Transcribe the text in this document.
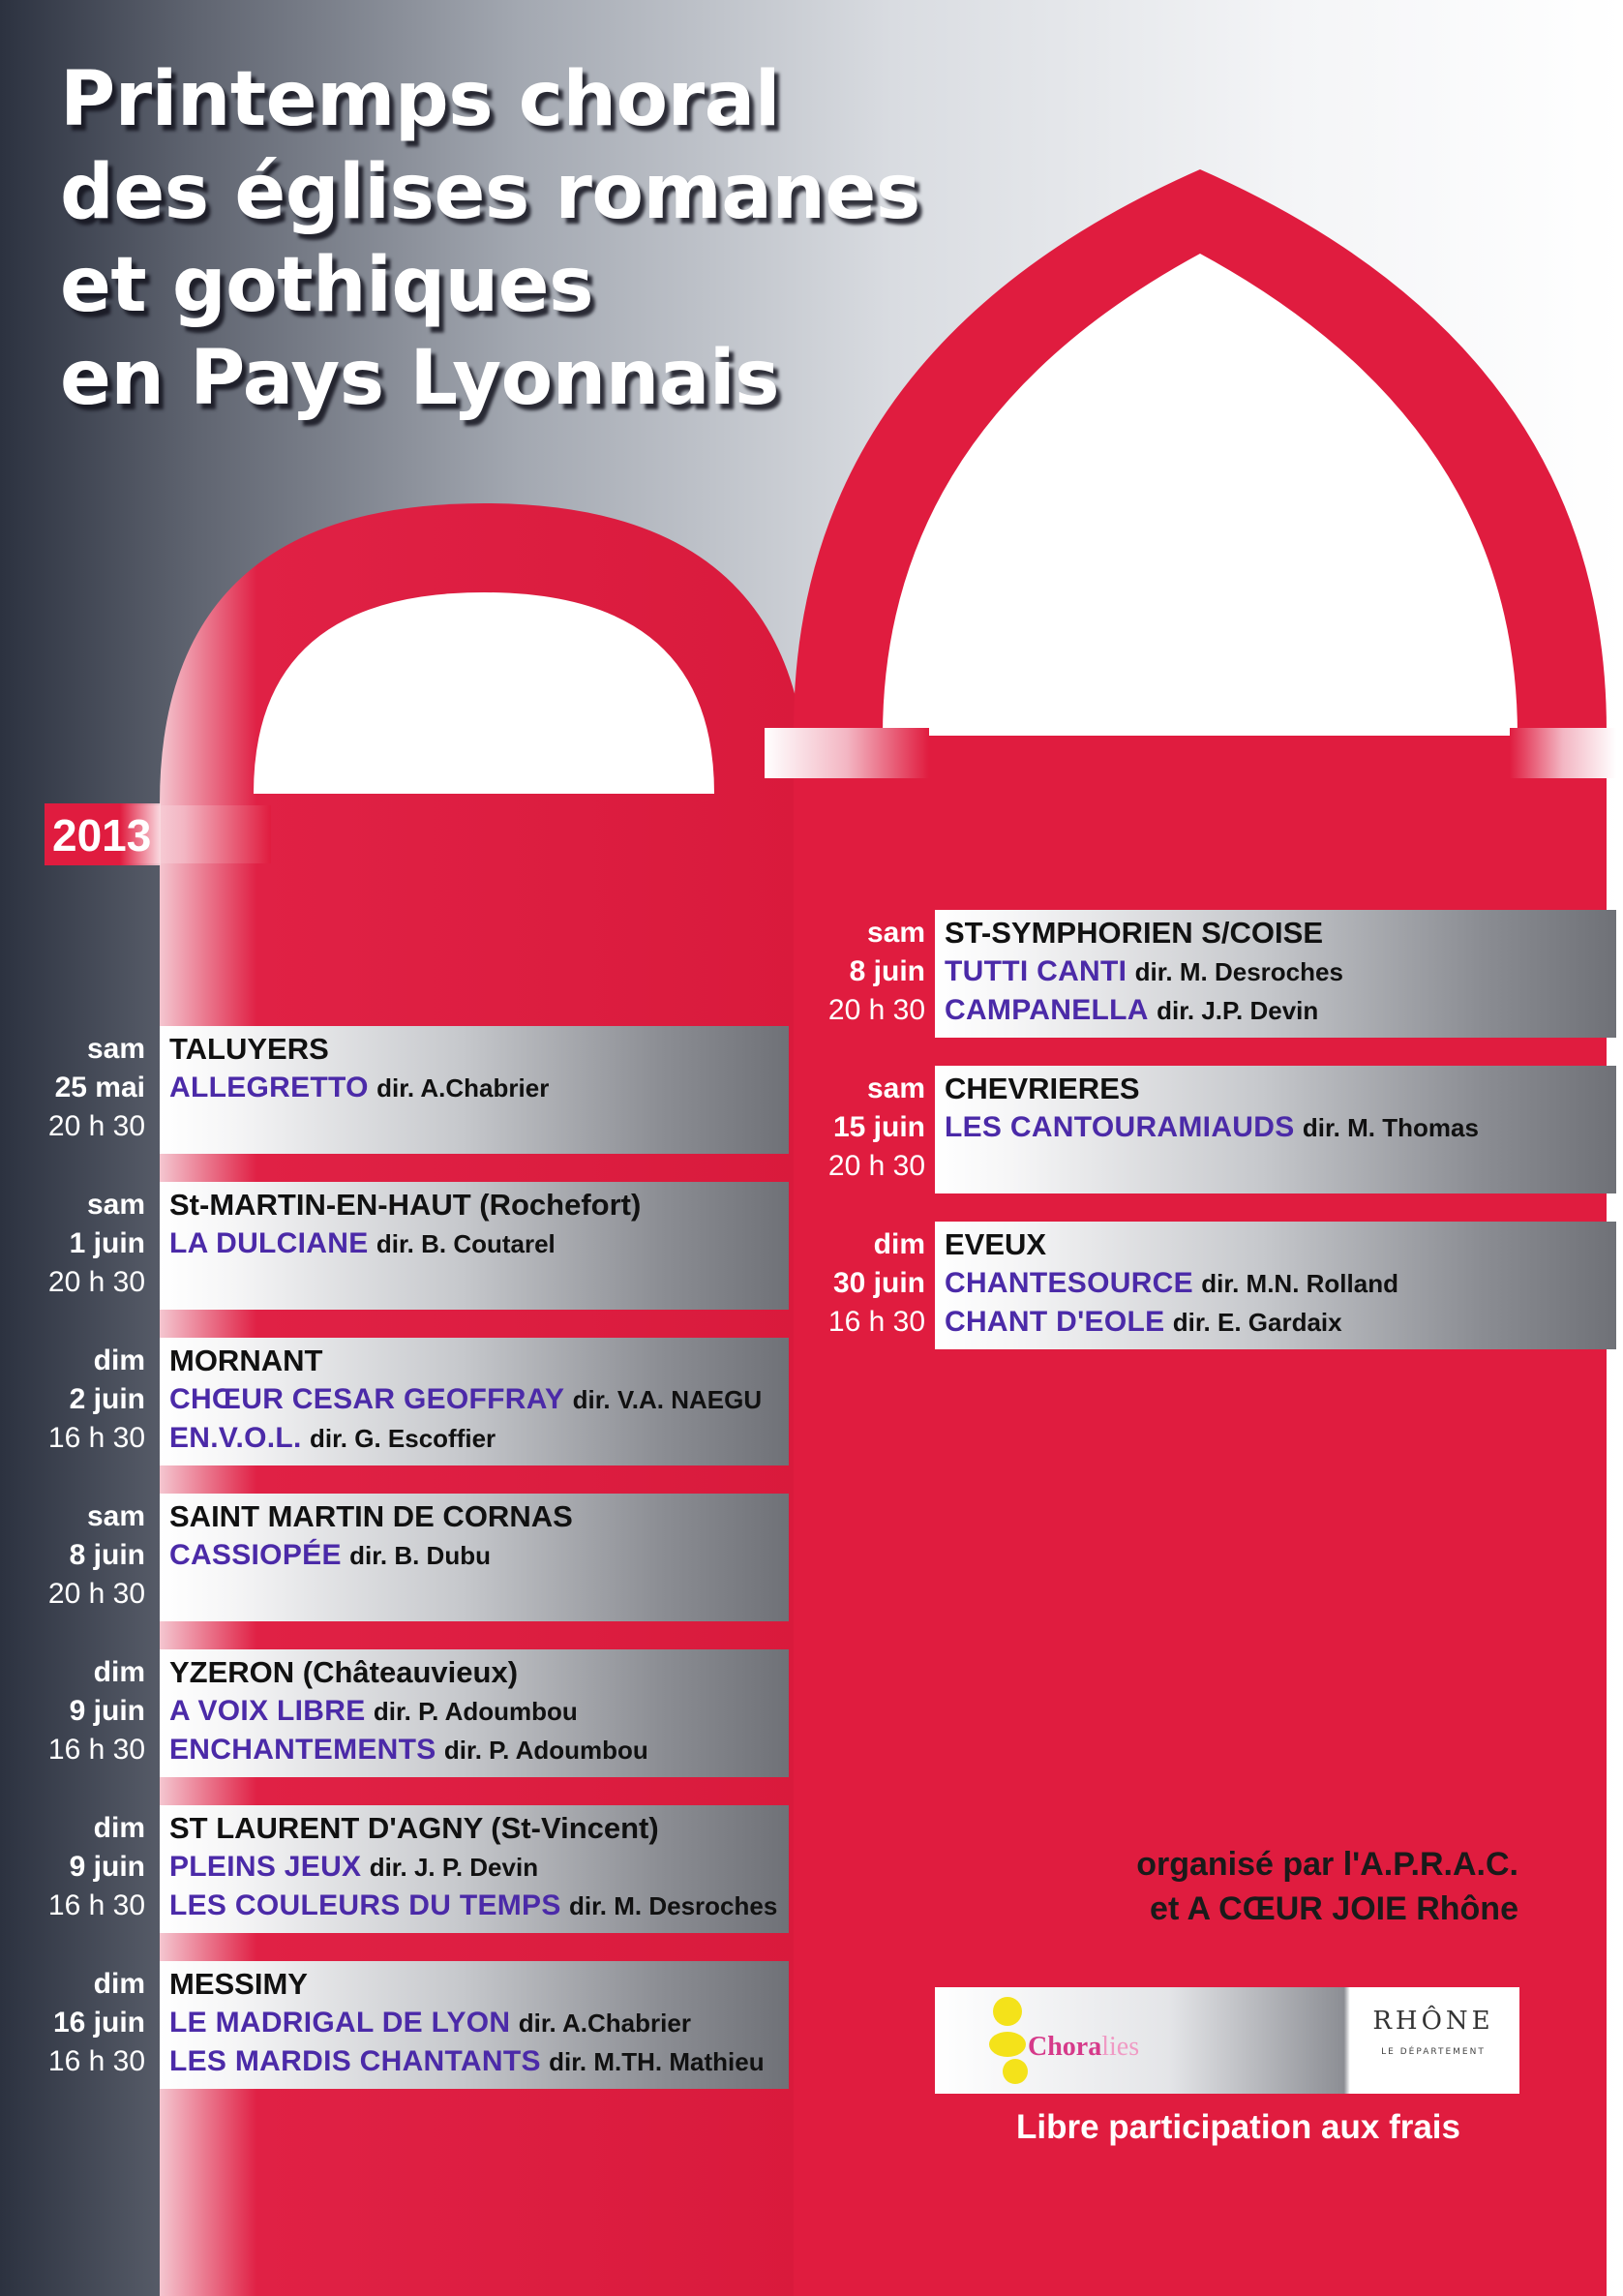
Printemps choral
des églises romanes
et gothiques
en Pays Lyonnais
2013
sam
25 mai
20 h 30
TALUYERS
ALLEGRETTO dir. A.Chabrier
sam
1 juin
20 h 30
St-MARTIN-EN-HAUT (Rochefort)
LA DULCIANE dir. B. Coutarel
dim
2 juin
16 h 30
MORNANT
CHŒUR CESAR GEOFFRAY dir. V.A. NAEGU
EN.V.O.L. dir. G. Escoffier
sam
8 juin
20 h 30
SAINT MARTIN DE CORNAS
CASSIOPÉE dir. B. Dubu
dim
9 juin
16 h 30
YZERON (Châteauvieux)
A VOIX LIBRE dir. P. Adoumbou
ENCHANTEMENTS dir. P. Adoumbou
dim
9 juin
16 h 30
ST LAURENT D'AGNY (St-Vincent)
PLEINS JEUX dir. J. P. Devin
LES COULEURS DU TEMPS dir. M. Desroches
dim
16 juin
16 h 30
MESSIMY
LE MADRIGAL DE LYON dir. A.Chabrier
LES MARDIS CHANTANTS dir. M.TH. Mathieu
sam
8 juin
20 h 30
ST-SYMPHORIEN S/COISE
TUTTI CANTI dir. M. Desroches
CAMPANELLA dir. J.P. Devin
sam
15 juin
20 h 30
CHEVRIERES
LES CANTOURAMIAUDS dir. M. Thomas
dim
30 juin
16 h 30
EVEUX
CHANTESOURCE dir. M.N. Rolland
CHANT D'EOLE dir. E. Gardaix
organisé par l'A.P.R.A.C.
et A CŒUR JOIE Rhône
Choralies
RHÔNE
LE DÉPARTEMENT
Libre participation aux frais
